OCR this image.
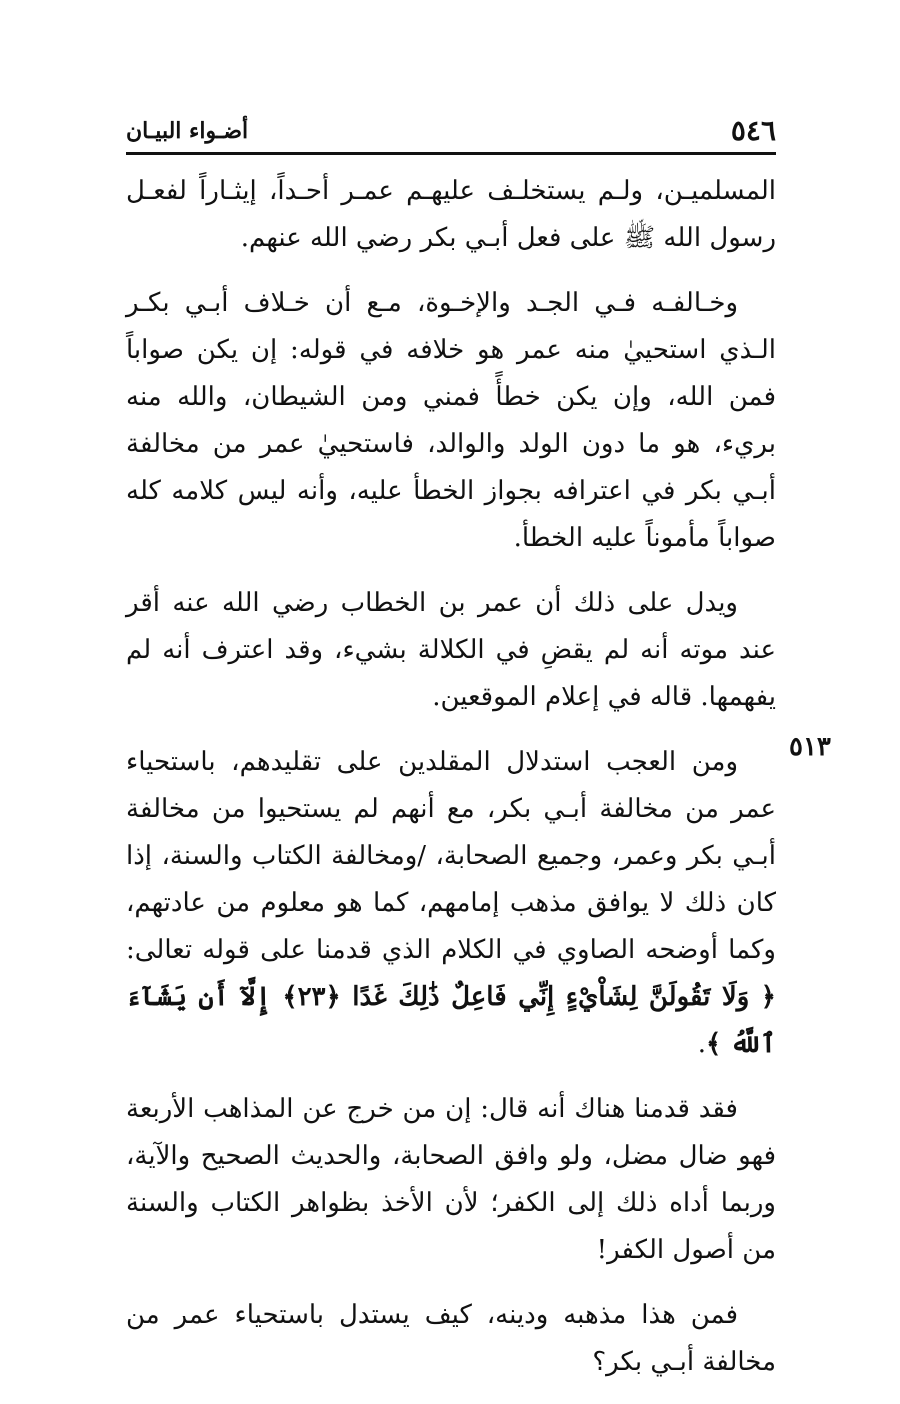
٥٤٦
أضـواء البيـان
٥١٣

المسلميـن، ولـم يستخلـف عليهـم عمـر أحـداً، إيثـاراً لفعـل رسول الله ﷺ على فعل أبـي بكر رضي الله عنهم.

وخـالفـه فـي الجـد والإخـوة، مـع أن خـلاف أبـي بكـر الـذي استحييٰ منه عمر هو خلافه في قوله: إن يكن صواباً فمن الله، وإن يكن خطأً فمني ومن الشيطان، والله منه بريء، هو ما دون الولد والوالد، فاستحييٰ عمر من مخالفة أبـي بكر في اعترافه بجواز الخطأ عليه، وأنه ليس كلامه كله صواباً مأموناً عليه الخطأ.

ويدل على ذلك أن عمر بن الخطاب رضي الله عنه أقر عند موته أنه لم يقضِ في الكلالة بشيء، وقد اعترف أنه لم يفهمها. قاله في إعلام الموقعين.

ومن العجب استدلال المقلدين على تقليدهم، باستحياء عمر من مخالفة أبـي بكر، مع أنهم لم يستحيوا من مخالفة أبـي بكر وعمر، وجميع الصحابة، /ومخالفة الكتاب والسنة، إذا كان ذلك لا يوافق مذهب إمامهم، كما هو معلوم من عادتهم، وكما أوضحه الصاوي في الكلام الذي قدمنا على قوله تعالى: ﴿ وَلَا تَقُولَنَّ لِشَاْيْءٍ إِنِّي فَاعِلٌ ذَٰلِكَ غَدًا ﴿٢٣﴾ إِلَّآ أَن يَشَآءَ ٱللَّهُ ﴾.

فقد قدمنا هناك أنه قال: إن من خرج عن المذاهب الأربعة فهو ضال مضل، ولو وافق الصحابة، والحديث الصحيح والآية، وربما أداه ذلك إلى الكفر؛ لأن الأخذ بظواهر الكتاب والسنة من أصول الكفر!

فمن هذا مذهبه ودينه، كيف يستدل باستحياء عمر من مخالفة أبـي بكر؟
